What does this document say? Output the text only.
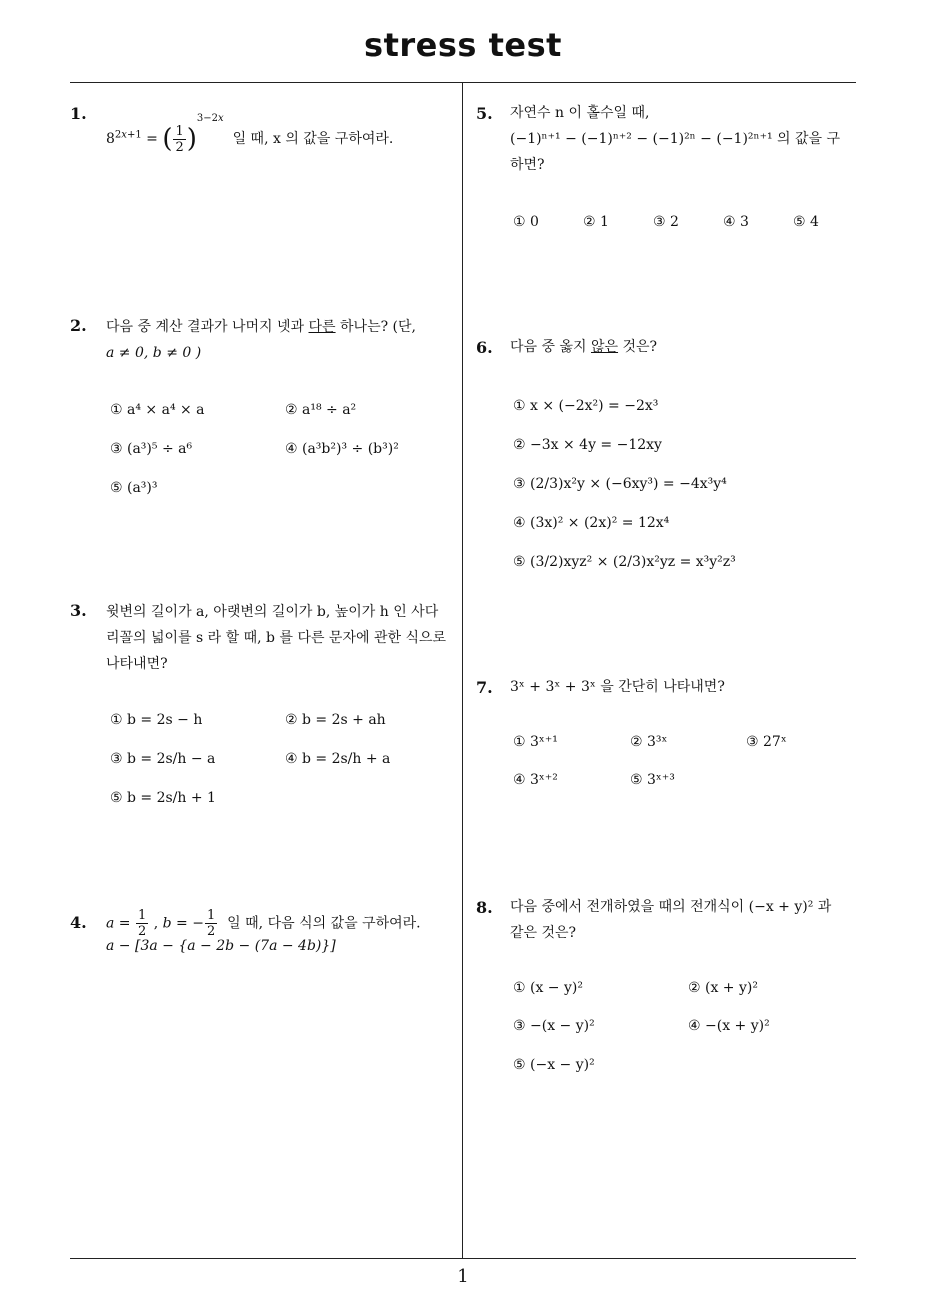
stress test
1
1.
$8^{2x+1}$ = ( $\frac{1}{2} )^{3-2x}$  일 때, x 의 값을 구하여라.
2. 다음 중 계산 결과가 나머지 넷과 다른 하나는? (단,
a ≠ 0, b ≠ 0 )
① a⁴ × a⁴ × a	② a¹⁸ ÷ a²
③ (a³)⁵ ÷ a⁶	④ (a³b²)³ ÷ (b³)²
⑤ (a³)³
3. 윗변의 길이가 a, 아랫변의 길이가 b, 높이가 h 인 사다
리꼴의 넓이를 s 라 할 때, b 를 다른 문자에 관한 식으로
나타내면?
① b = 2s − h	② b = 2s + ah
③ b = 2s/h − a	④ b = 2s/h + a
⑤ b = 2s/h + 1
4. $a = \frac{1}{2}$ , b = − $\frac{1}{2}$ 일 때, 다음 식의 값을 구하여라.
a − [3a − {a − 2b − (7a − 4b)}]
5. 자연수 n 이 홀수일 때,
(−1)ⁿ⁺¹ − (−1)ⁿ⁺² − (−1)²ⁿ − (−1)²ⁿ⁺¹ 의 값을 구
하면?
① 0	② 1	③ 2	④ 3	⑤ 4
6. 다음 중 옳지 않은 것은?
① x × (−2x²) = −2x³
② −3x × 4y = −12xy
③ (2/3)x²y × (−6xy³) = −4x³y⁴
④ (3x)² × (2x)² = 12x⁴
⑤ (3/2)xyz² × (2/3)x²yz = x³y²z³
7. 3ˣ + 3ˣ + 3ˣ 을 간단히 나타내면?
① 3ˣ⁺¹	② 3³ˣ	③ 27ˣ
④ 3ˣ⁺²	⑤ 3ˣ⁺³
8. 다음 중에서 전개하였을 때의 전개식이 (−x + y)² 과
같은 것은?
① (x − y)²	② (x + y)²
③ −(x − y)²	④ −(x + y)²
⑤ (−x − y)²
